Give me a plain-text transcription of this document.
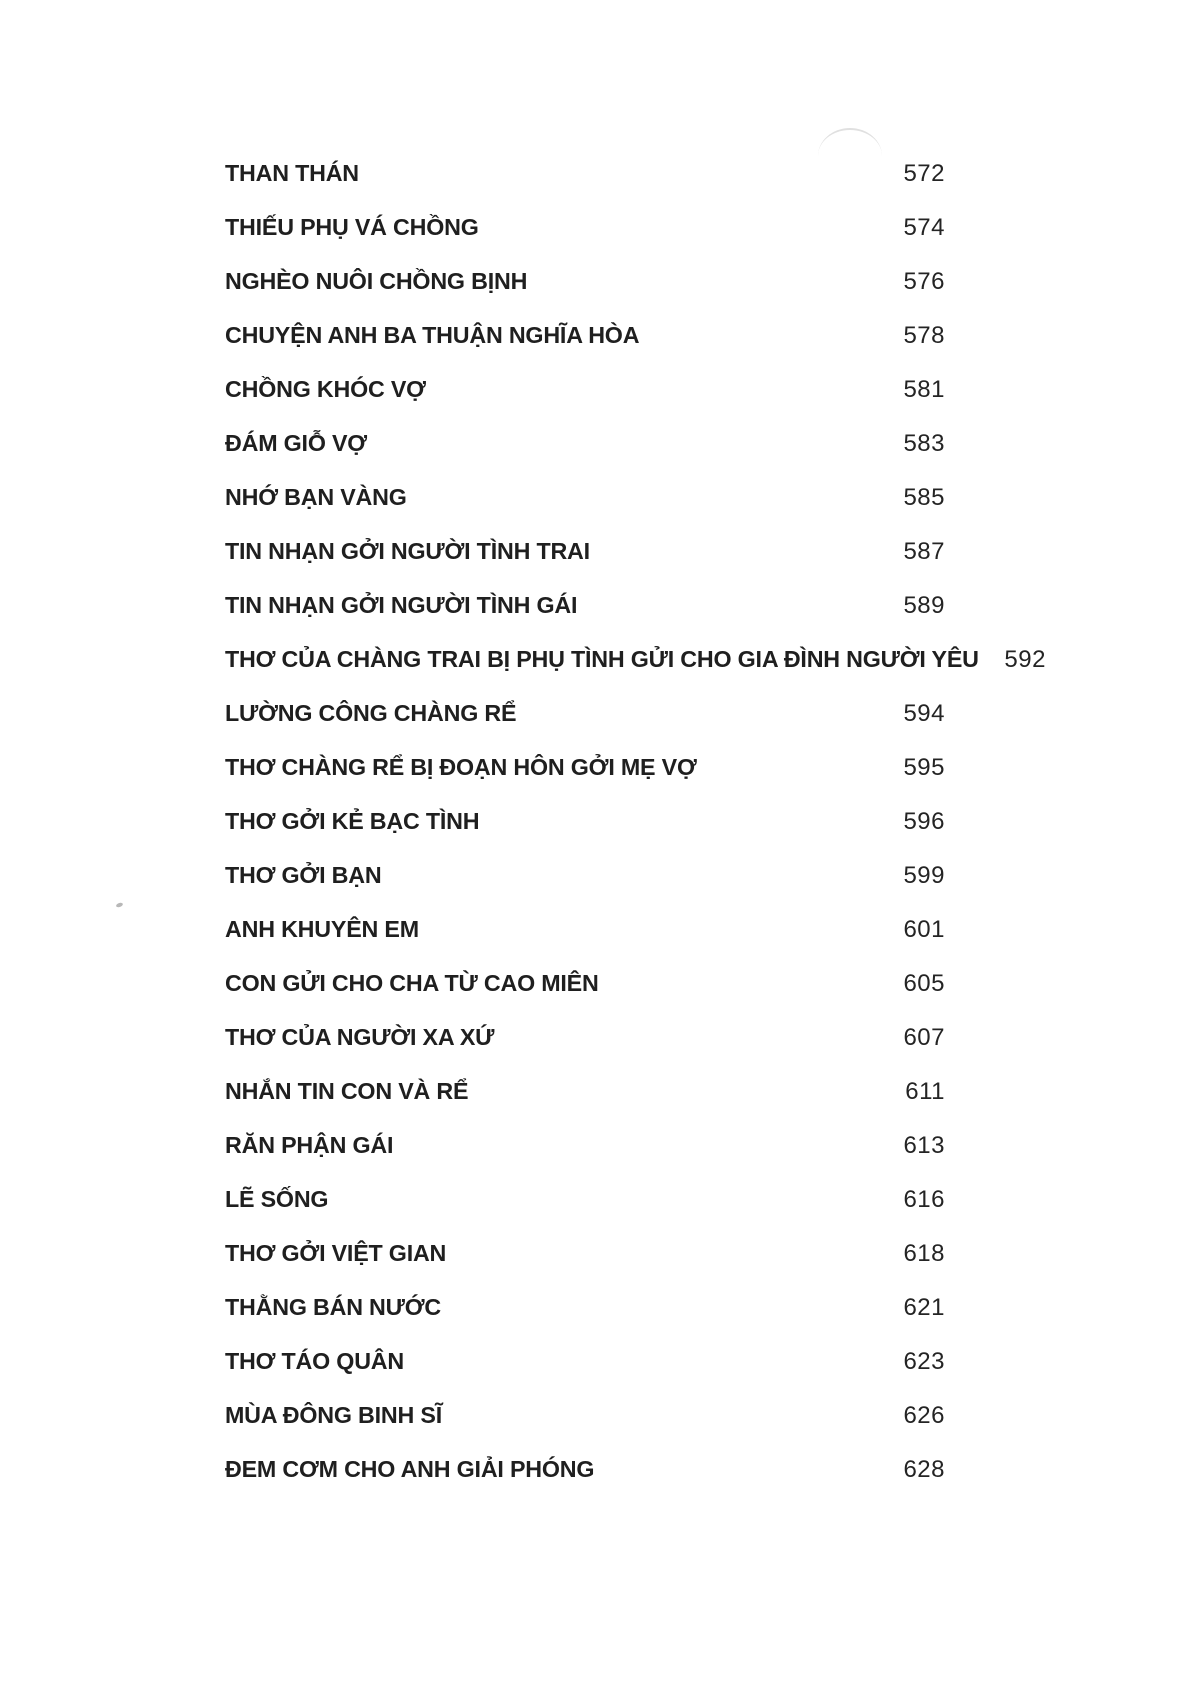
THAN THÁN	572
THIẾU PHỤ VÁ CHỒNG	574
NGHÈO NUÔI CHỒNG BỊNH	576
CHUYỆN ANH BA THUẬN NGHĨA HÒA	578
CHỒNG KHÓC VỢ	581
ĐÁM GIỖ VỢ	583
NHỚ BẠN VÀNG	585
TIN NHẠN GỞI NGƯỜI TÌNH TRAI	587
TIN NHẠN GỞI NGƯỜI TÌNH GÁI	589
THƠ CỦA CHÀNG TRAI BỊ PHỤ TÌNH GỬI CHO GIA ĐÌNH NGƯỜI YÊU	592
LƯỜNG CÔNG CHÀNG RỂ	594
THƠ CHÀNG RỂ BỊ ĐOẠN HÔN GỞI MẸ VỢ	595
THƠ GỞI KẺ BẠC TÌNH	596
THƠ GỞI BẠN	599
ANH KHUYÊN EM	601
CON GỬI CHO CHA TỪ CAO MIÊN	605
THƠ CỦA NGƯỜI XA XỨ	607
NHẮN TIN CON VÀ RỂ	611
RĂN PHẬN GÁI	613
LẼ SỐNG	616
THƠ GỞI VIỆT GIAN	618
THẰNG BÁN NƯỚC	621
THƠ TÁO QUÂN	623
MÙA ĐÔNG BINH SĨ	626
ĐEM CƠM CHO ANH GIẢI PHÓNG	628
